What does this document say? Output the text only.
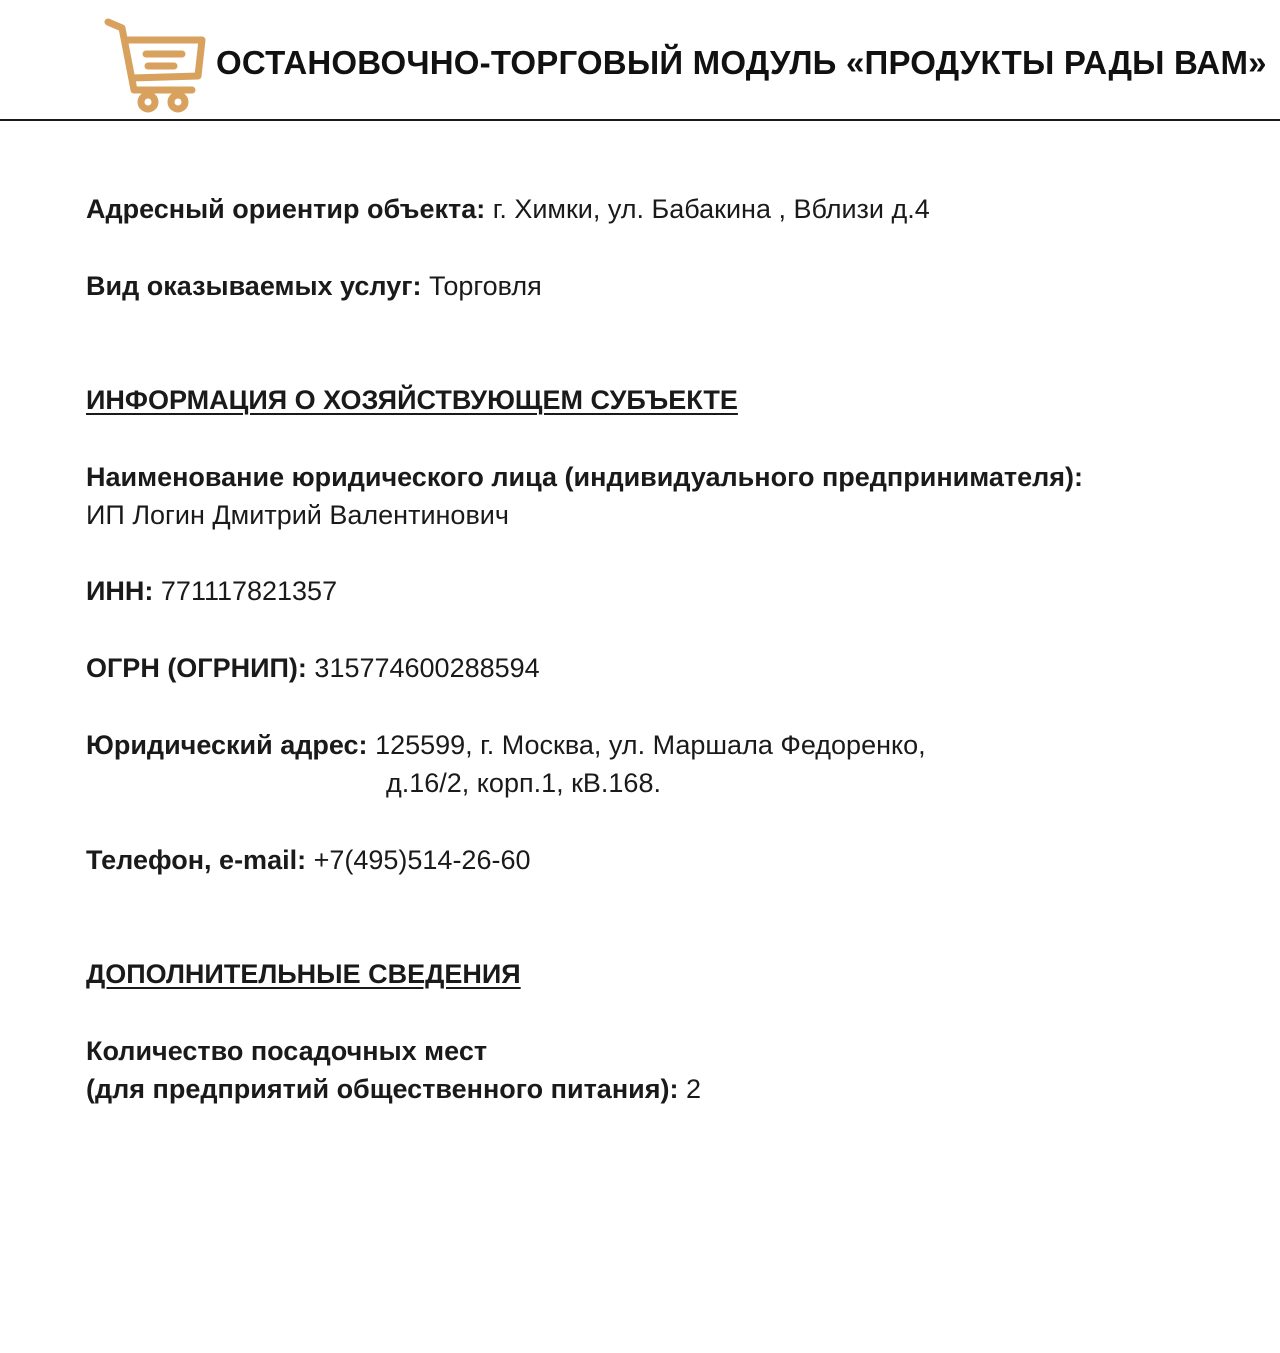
ОСТАНОВОЧНО-ТОРГОВЫЙ МОДУЛЬ «ПРОДУКТЫ РАДЫ ВАМ»

Адресный ориентир объекта: г. Химки, ул. Бабакина , Вблизи д.4

Вид оказываемых услуг: Торговля

ИНФОРМАЦИЯ О ХОЗЯЙСТВУЮЩЕМ СУБЪЕКТЕ

Наименование юридического лица (индивидуального предпринимателя):

ИП Логин Дмитрий Валентинович

ИНН: 771117821357

ОГРН (ОГРНИП): 315774600288594

Юридический адрес: 125599, г. Москва, ул. Маршала Федоренко,

д.16/2, корп.1, кВ.168.

Телефон, e-mail: +7(495)514-26-60

ДОПОЛНИТЕЛЬНЫЕ СВЕДЕНИЯ

Количество посадочных мест

(для предприятий общественного питания): 2
